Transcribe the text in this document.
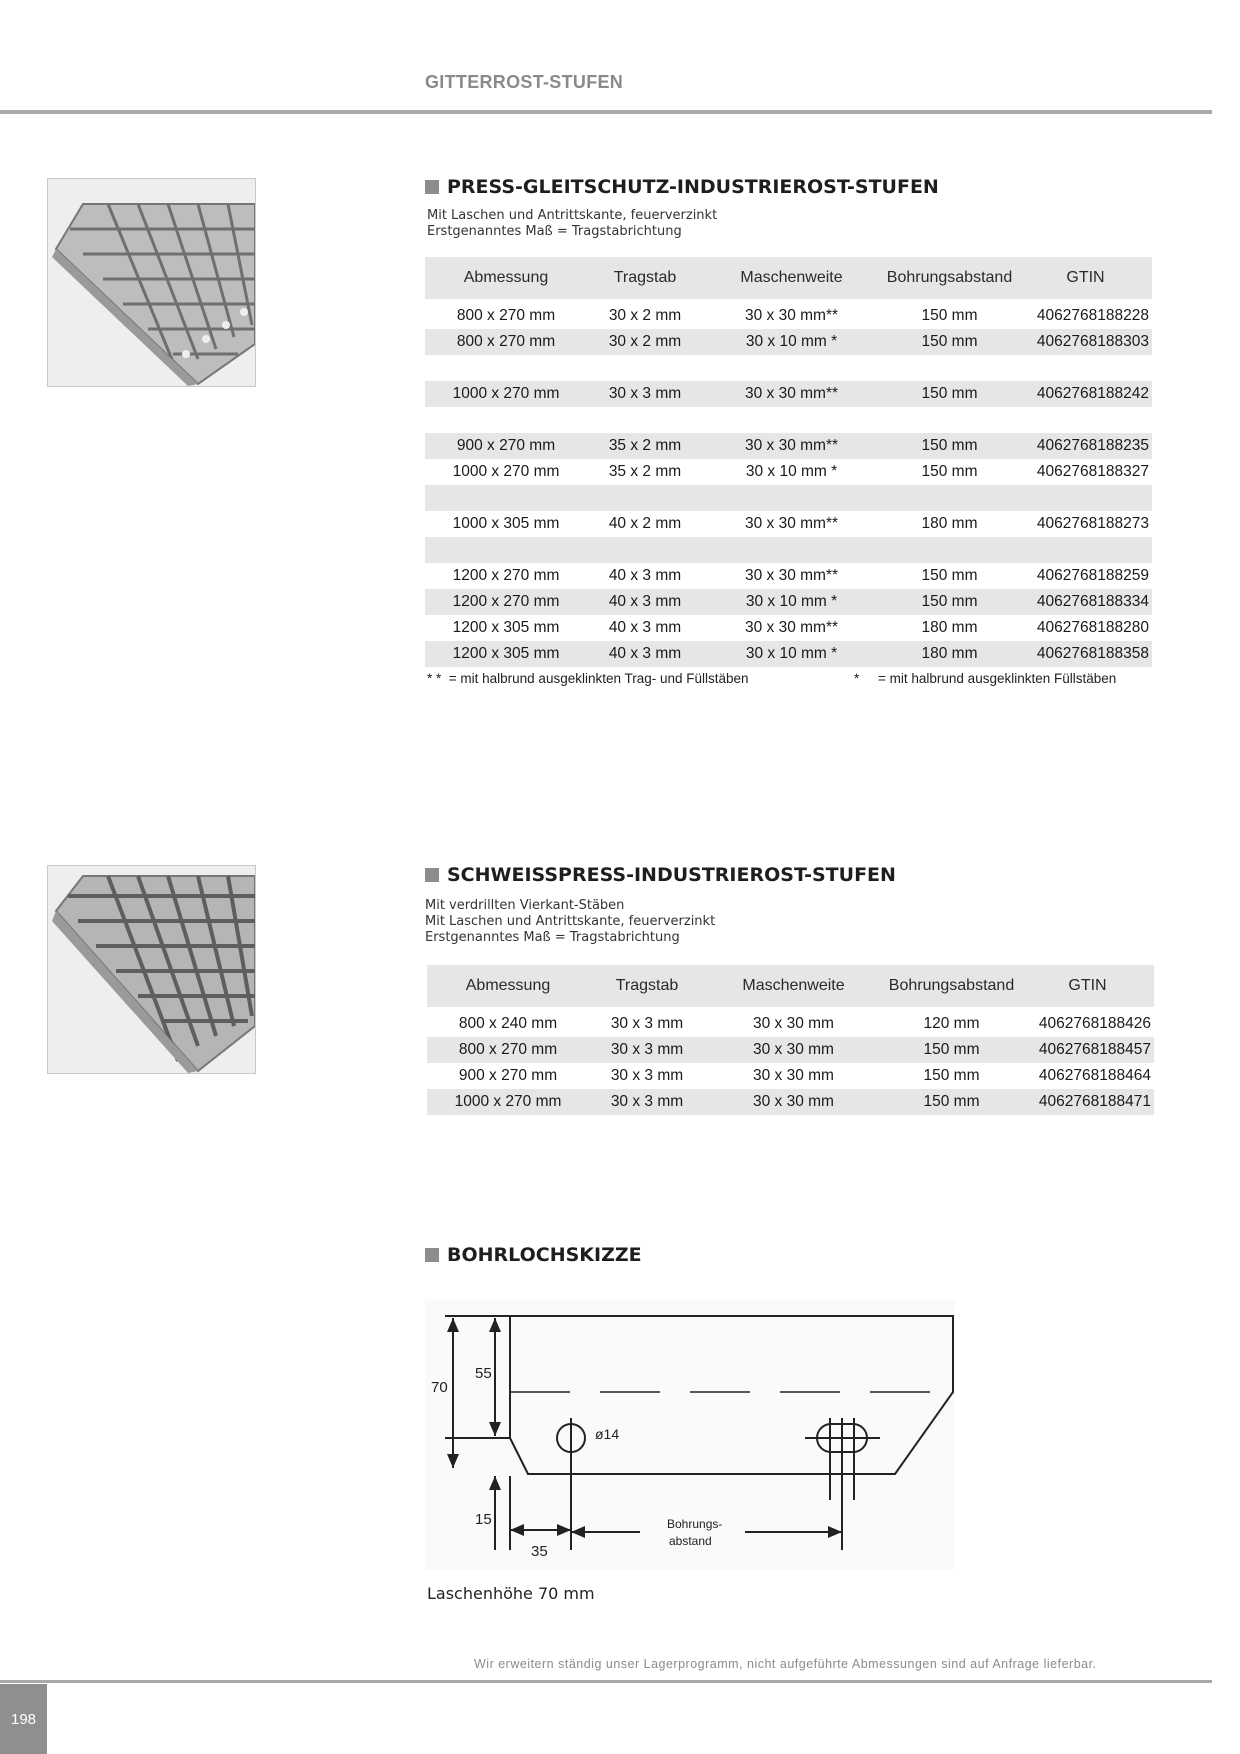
GITTERROST-STUFEN
PRESS-GLEITSCHUTZ-INDUSTRIEROST-STUFEN
Mit Laschen und Antrittskante, feuerverzinkt
Erstgenanntes Maß = Tragstabrichtung
Abmessung	Tragstab	Maschenweite	Bohrungsabstand	GTIN

800 x 270 mm	30 x 2 mm	30 x 30 mm**	150 mm	4062768188228
800 x 270 mm	30 x 2 mm	30 x 10 mm *	150 mm	4062768188303

1000 x 270 mm	30 x 3 mm	30 x 30 mm**	150 mm	4062768188242

900 x 270 mm	35 x 2 mm	30 x 30 mm**	150 mm	4062768188235
1000 x 270 mm	35 x 2 mm	30 x 10 mm *	150 mm	4062768188327

1000 x 305 mm	40 x 2 mm	30 x 30 mm**	180 mm	4062768188273

1200 x 270 mm	40 x 3 mm	30 x 30 mm**	150 mm	4062768188259
1200 x 270 mm	40 x 3 mm	30 x 10 mm *	150 mm	4062768188334
1200 x 305 mm	40 x 3 mm	30 x 30 mm**	180 mm	4062768188280
1200 x 305 mm	40 x 3 mm	30 x 10 mm *	180 mm	4062768188358
* *  = mit halbrund ausgeklinkten Trag- und Füllstäben	*     = mit halbrund ausgeklinkten Füllstäben
SCHWEISSPRESS-INDUSTRIEROST-STUFEN
Mit verdrillten Vierkant-Stäben
Mit Laschen und Antrittskante, feuerverzinkt
Erstgenanntes Maß = Tragstabrichtung
Abmessung	Tragstab	Maschenweite	Bohrungsabstand	GTIN

800 x 240 mm	30 x 3 mm	30 x 30 mm	120 mm	4062768188426
800 x 270 mm	30 x 3 mm	30 x 30 mm	150 mm	4062768188457
900 x 270 mm	30 x 3 mm	30 x 30 mm	150 mm	4062768188464
1000 x 270 mm	30 x 3 mm	30 x 30 mm	150 mm	4062768188471
BOHRLOCHSKIZZE
70
55
15
35
ø14
Bohrungs-
abstand
Laschenhöhe 70 mm
Wir erweitern ständig unser Lagerprogramm, nicht aufgeführte Abmessungen sind auf Anfrage lieferbar.
198
